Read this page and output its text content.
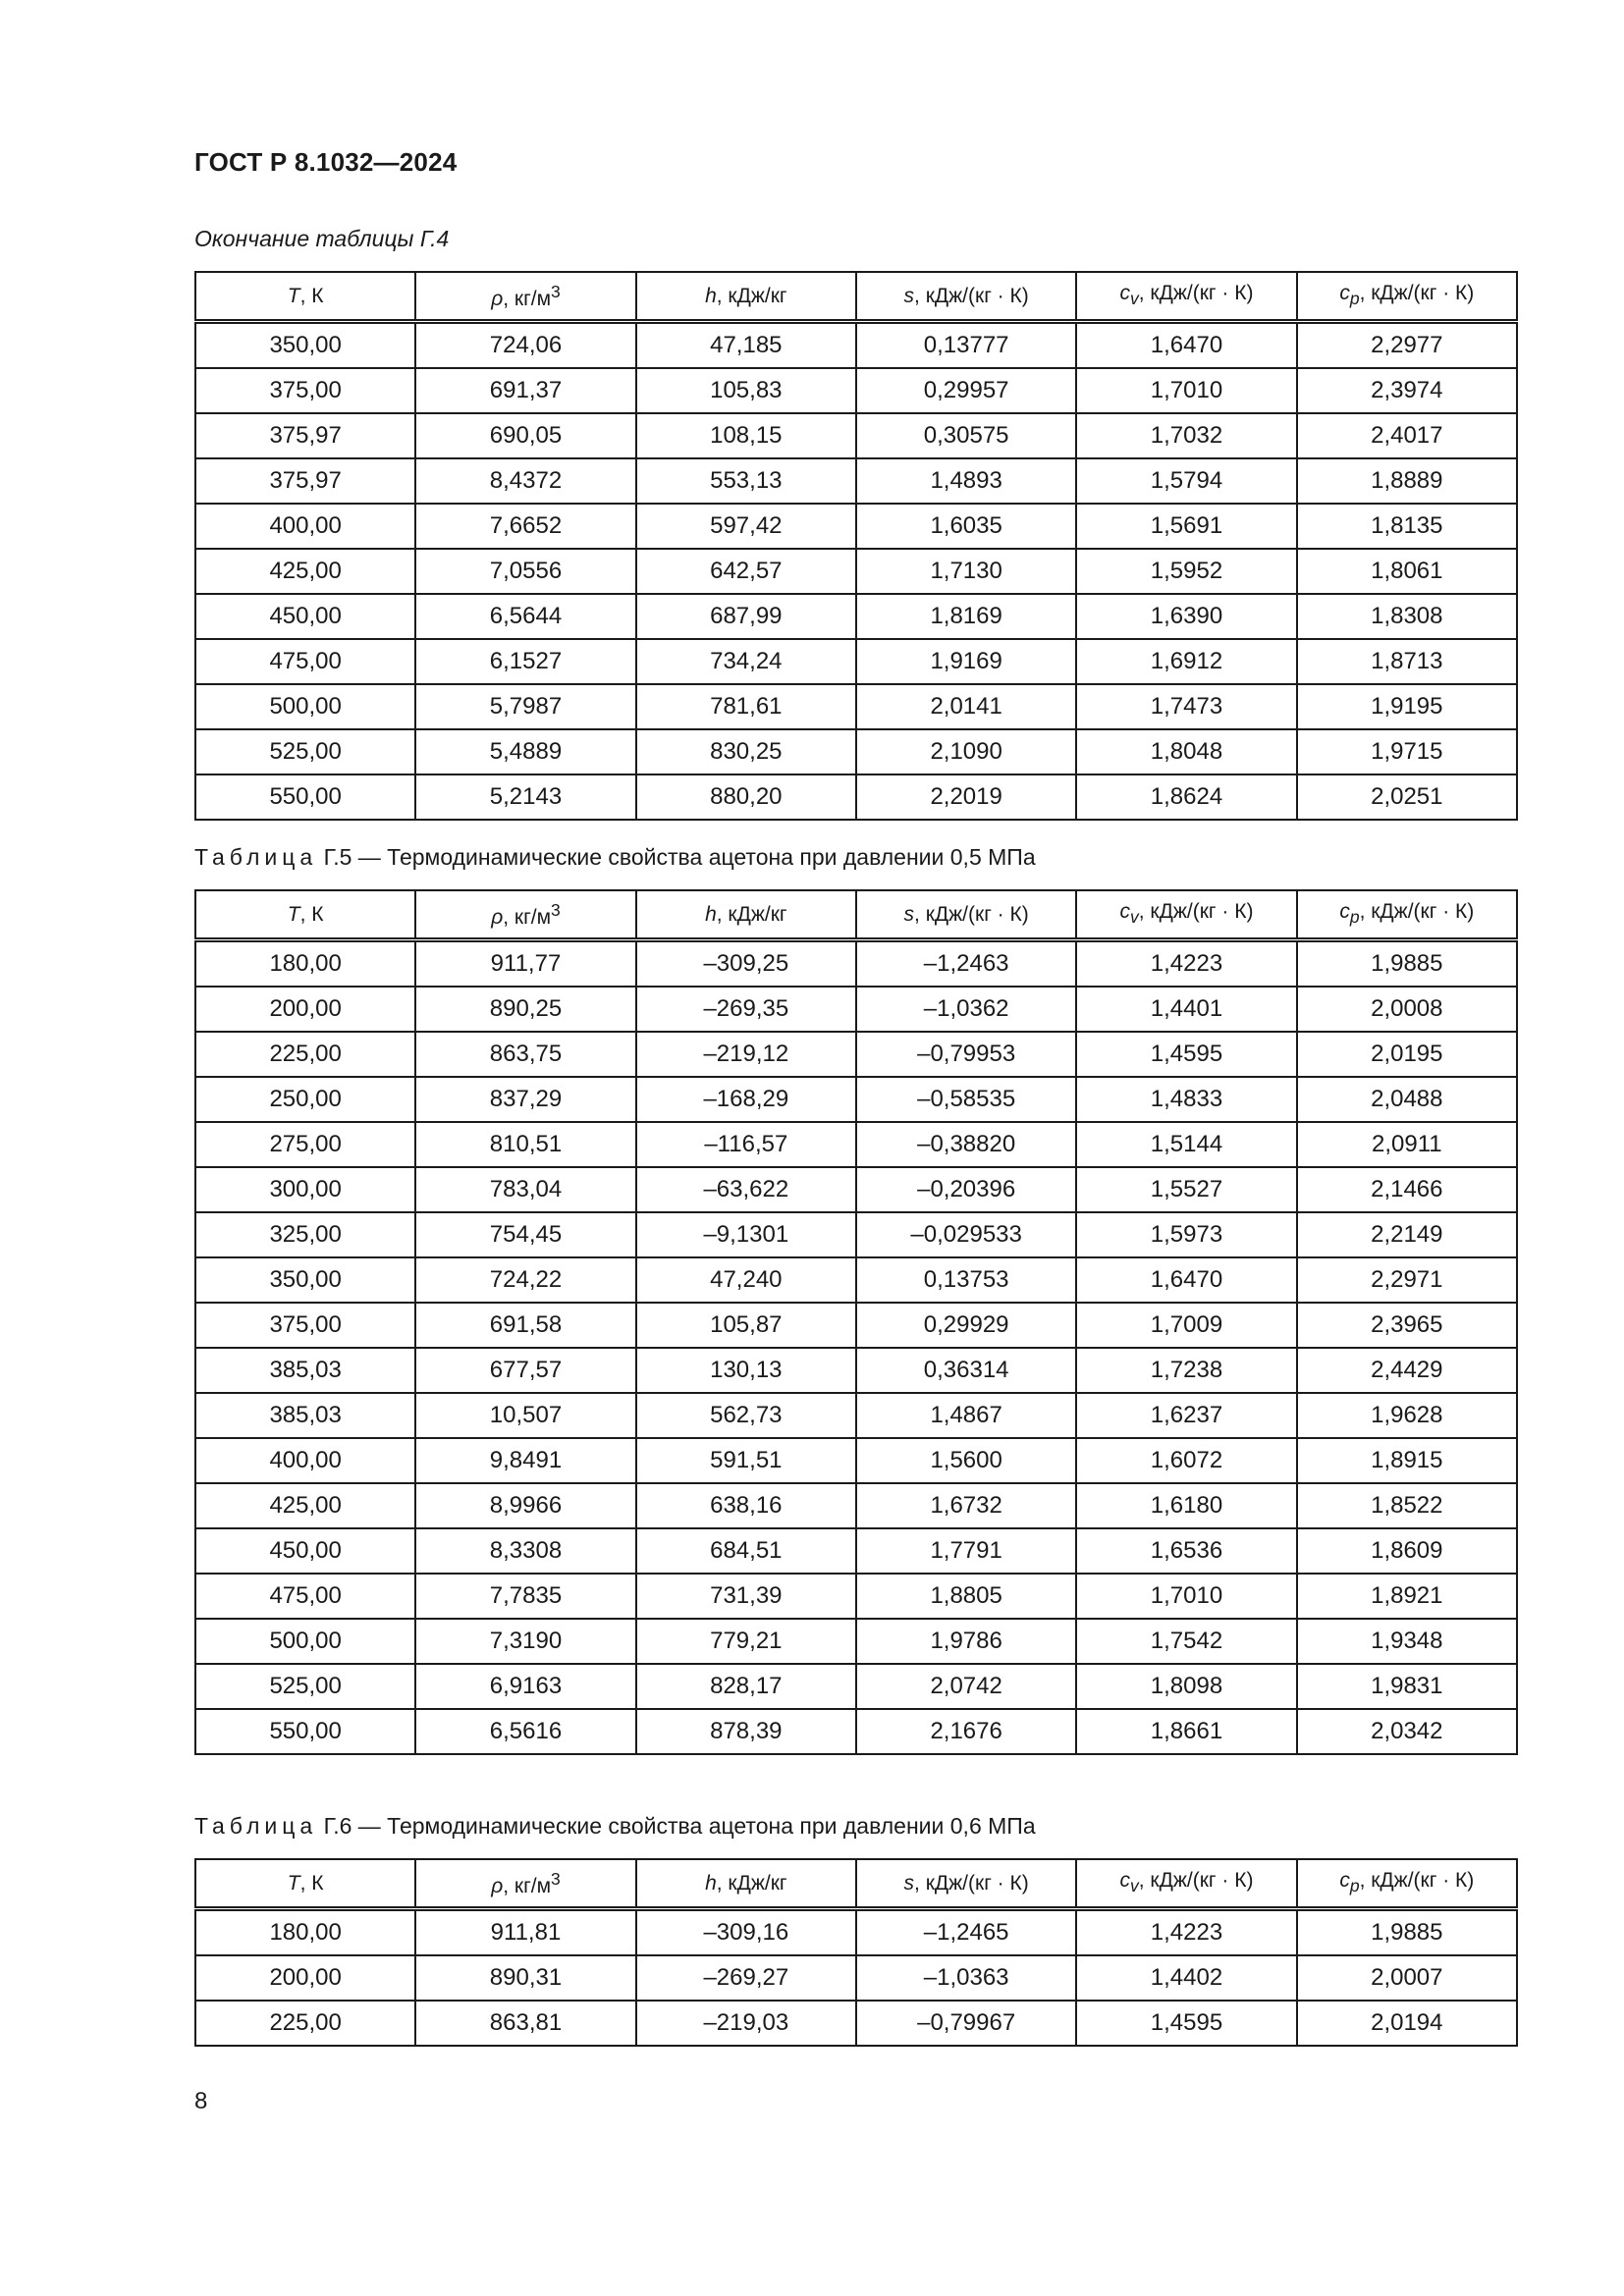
ГОСТ Р 8.1032—2024
Окончание таблицы Г.4
T, К	ρ, $кг/м^3$	h, кДж/кг	s, кДж/(кг · К)	$c_v$, кДж/(кг · К)	$c_p$, кДж/(кг · К)
350,00	724,06	47,185	0,13777	1,6470	2,2977
375,00	691,37	105,83	0,29957	1,7010	2,3974
375,97	690,05	108,15	0,30575	1,7032	2,4017
375,97	8,4372	553,13	1,4893	1,5794	1,8889
400,00	7,6652	597,42	1,6035	1,5691	1,8135
425,00	7,0556	642,57	1,7130	1,5952	1,8061
450,00	6,5644	687,99	1,8169	1,6390	1,8308
475,00	6,1527	734,24	1,9169	1,6912	1,8713
500,00	5,7987	781,61	2,0141	1,7473	1,9195
525,00	5,4889	830,25	2,1090	1,8048	1,9715
550,00	5,2143	880,20	2,2019	1,8624	2,0251
Таблица Г.5 — Термодинамические свойства ацетона при давлении 0,5 МПа
T, К	ρ, $кг/м^3$	h, кДж/кг	s, кДж/(кг · К)	$c_v$, кДж/(кг · К)	$c_p$, кДж/(кг · К)
180,00	911,77	–309,25	–1,2463	1,4223	1,9885
200,00	890,25	–269,35	–1,0362	1,4401	2,0008
225,00	863,75	–219,12	–0,79953	1,4595	2,0195
250,00	837,29	–168,29	–0,58535	1,4833	2,0488
275,00	810,51	–116,57	–0,38820	1,5144	2,0911
300,00	783,04	–63,622	–0,20396	1,5527	2,1466
325,00	754,45	–9,1301	–0,029533	1,5973	2,2149
350,00	724,22	47,240	0,13753	1,6470	2,2971
375,00	691,58	105,87	0,29929	1,7009	2,3965
385,03	677,57	130,13	0,36314	1,7238	2,4429
385,03	10,507	562,73	1,4867	1,6237	1,9628
400,00	9,8491	591,51	1,5600	1,6072	1,8915
425,00	8,9966	638,16	1,6732	1,6180	1,8522
450,00	8,3308	684,51	1,7791	1,6536	1,8609
475,00	7,7835	731,39	1,8805	1,7010	1,8921
500,00	7,3190	779,21	1,9786	1,7542	1,9348
525,00	6,9163	828,17	2,0742	1,8098	1,9831
550,00	6,5616	878,39	2,1676	1,8661	2,0342
Таблица Г.6 — Термодинамические свойства ацетона при давлении 0,6 МПа
T, К	ρ, $кг/м^3$	h, кДж/кг	s, кДж/(кг · К)	$c_v$, кДж/(кг · К)	$c_p$, кДж/(кг · К)
180,00	911,81	–309,16	–1,2465	1,4223	1,9885
200,00	890,31	–269,27	–1,0363	1,4402	2,0007
225,00	863,81	–219,03	–0,79967	1,4595	2,0194
8
